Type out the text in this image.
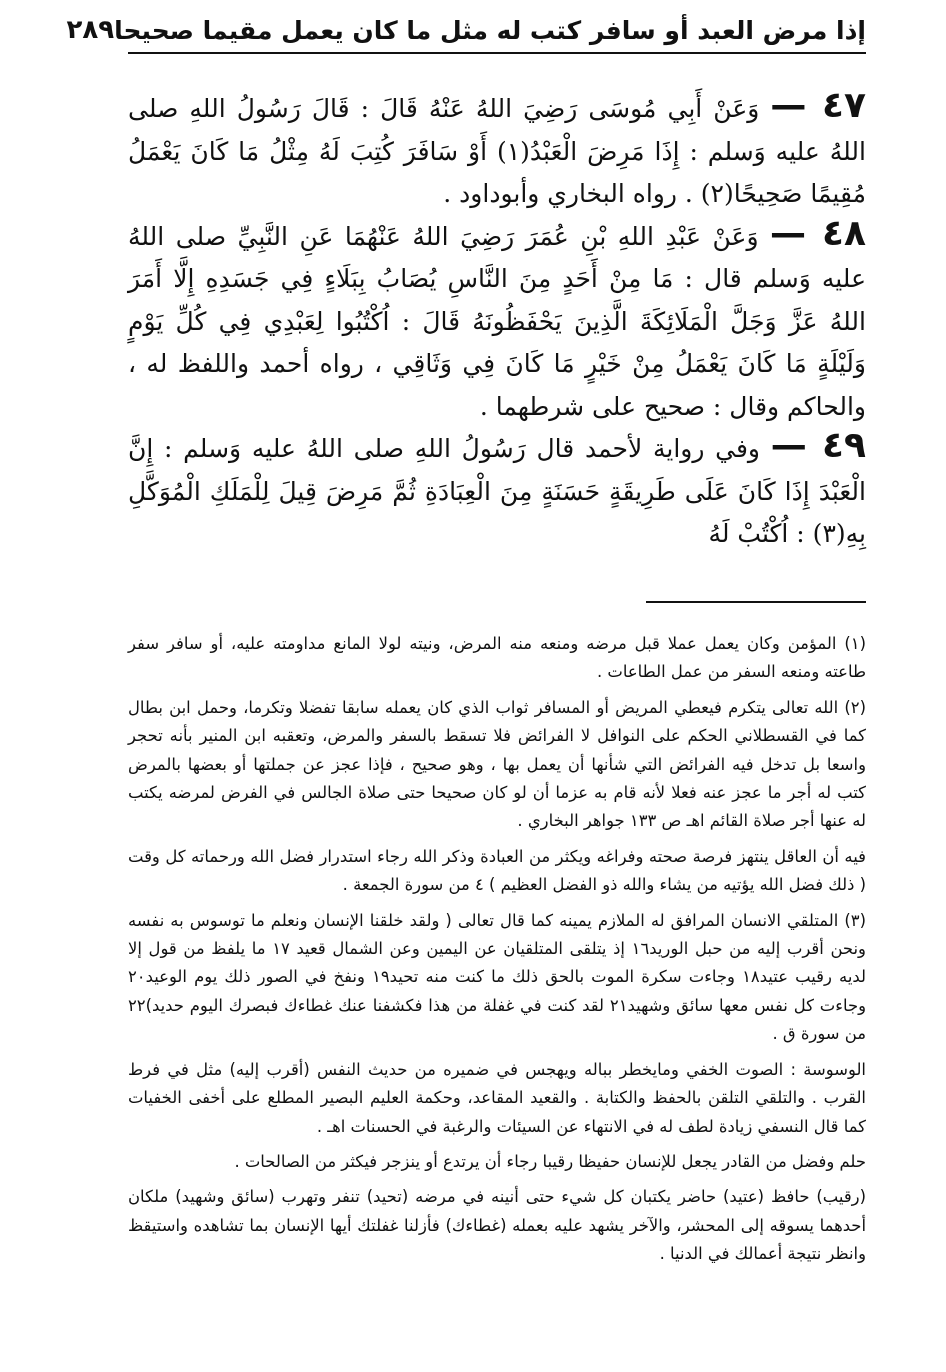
إذا مرض العبد أو سافر كتب له مثل ما كان يعمل مقيما صحيحا
٢٨٩

٤٧ — وَعَنْ أَبِي مُوسَى رَضِيَ اللهُ عَنْهُ قَالَ : قَالَ رَسُولُ اللهِ صلى اللهُ عليه وَسلم : إِذَا مَرِضَ الْعَبْدُ(١) أَوْ سَافَرَ كُتِبَ لَهُ مِثْلُ مَا كَانَ يَعْمَلُ مُقِيمًا صَحِيحًا(٢) . رواه البخاري وأبوداود .

٤٨ — وَعَنْ عَبْدِ اللهِ بْنِ عُمَرَ رَضِيَ اللهُ عَنْهُمَا عَنِ النَّبِيِّ صلى اللهُ عليه وَسلم قال : مَا مِنْ أَحَدٍ مِنَ النَّاسِ يُصَابُ بِبَلَاءٍ فِي جَسَدِهِ إِلَّا أَمَرَ اللهُ عَزَّ وَجَلَّ الْمَلَائِكَةَ الَّذِينَ يَحْفَظُونَهُ قَالَ : اُكْتُبُوا لِعَبْدِي فِي كُلِّ يَوْمٍ وَلَيْلَةٍ مَا كَانَ يَعْمَلُ مِنْ خَيْرٍ مَا كَانَ فِي وَثَاقِي ، رواه أحمد واللفظ له ، والحاكم وقال : صحيح على شرطهما .

٤٩ — وفي رواية لأحمد قال رَسُولُ اللهِ صلى اللهُ عليه وَسلم : إِنَّ الْعَبْدَ إِذَا كَانَ عَلَى طَرِيقَةٍ حَسَنَةٍ مِنَ الْعِبَادَةِ ثُمَّ مَرِضَ قِيلَ لِلْمَلَكِ الْمُوَكَّلِ بِهِ(٣) : اُكْتُبْ لَهُ

(١) المؤمن وكان يعمل عملا قبل مرضه ومنعه منه المرض، ونيته لولا المانع مداومته عليه، أو سافر سفر طاعته ومنعه السفر من عمل الطاعات .

(٢) الله تعالى يتكرم فيعطي المريض أو المسافر ثواب الذي كان يعمله سابقا تفضلا وتكرما، وحمل ابن بطال كما في القسطلاني الحكم على النوافل لا الفرائض فلا تسقط بالسفر والمرض، وتعقبه ابن المنير بأنه تحجر واسعا بل تدخل فيه الفرائض التي شأنها أن يعمل بها ، وهو صحيح ، فإذا عجز عن جملتها أو بعضها بالمرض كتب له أجر ما عجز عنه فعلا لأنه قام به عزما أن لو كان صحيحا حتى صلاة الجالس في الفرض لمرضه يكتب له عنها أجر صلاة القائم اهـ ص ١٣٣ جواهر البخاري .

فيه أن العاقل ينتهز فرصة صحته وفراغه ويكثر من العبادة وذكر الله رجاء استدرار فضل الله ورحماته كل وقت ( ذلك فضل الله يؤتيه من يشاء والله ذو الفضل العظيم ) ٤ من سورة الجمعة .

(٣) المتلقي الانسان المرافق له الملازم يمينه كما قال تعالى ( ولقد خلقنا الإنسان ونعلم ما توسوس به نفسه ونحن أقرب إليه من حبل الوريد١٦ إذ يتلقى المتلقيان عن اليمين وعن الشمال قعيد ١٧ ما يلفظ من قول إلا لديه رقيب عتيد١٨ وجاءت سكرة الموت بالحق ذلك ما كنت منه تحيد١٩ ونفخ في الصور ذلك يوم الوعيد٢٠ وجاءت كل نفس معها سائق وشهيد٢١ لقد كنت في غفلة من هذا فكشفنا عنك غطاءك فبصرك اليوم حديد)٢٢ من سورة ق .

الوسوسة : الصوت الخفي ومايخطر بباله ويهجس في ضميره من حديث النفس (أقرب إليه) مثل في فرط القرب . والتلقي التلقن بالحفظ والكتابة . والقعيد المقاعد، وحكمة العليم البصير المطلع على أخفى الخفيات كما قال النسفي زيادة لطف له في الانتهاء عن السيئات والرغبة في الحسنات اهـ .

حلم وفضل من القادر يجعل للإنسان حفيظا رقيبا رجاء أن يرتدع أو ينزجر فيكثر من الصالحات .

(رقيب) حافظ (عتيد) حاضر يكتبان كل شيء حتى أنينه في مرضه (تحيد) تنفر وتهرب (سائق وشهيد) ملكان أحدهما يسوقه إلى المحشر، والآخر يشهد عليه بعمله (غطاءك) فأزلنا غفلتك أيها الإنسان بما تشاهده واستيقظ وانظر نتيجة أعمالك في الدنيا .
